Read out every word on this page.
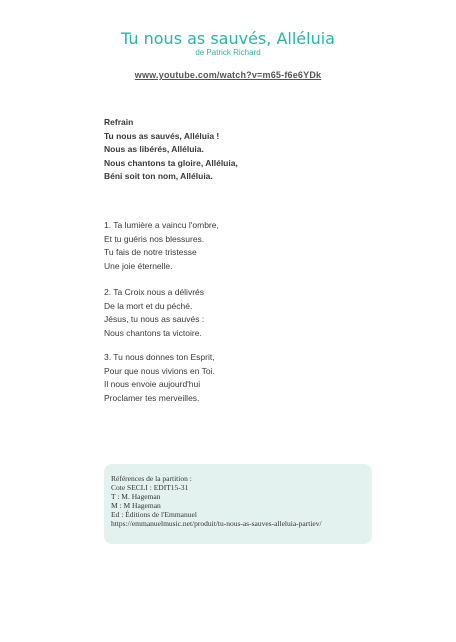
Tu nous as sauvés, Alléluia
de Patrick Richard
www.youtube.com/watch?v=m65-f6e6YDk
Refrain
Tu nous as sauvés, Alléluia !
Nous as libérés, Alléluia.
Nous chantons ta gloire, Alléluia,
Béni soit ton nom, Alléluia.
1. Ta lumière a vaincu l'ombre,
Et tu guéris nos blessures.
Tu fais de notre tristesse
Une joie éternelle.
2. Ta Croix nous a délivrés
De la mort et du péché.
Jésus, tu nous as sauvés :
Nous chantons ta victoire.
3. Tu nous donnes ton Esprit,
Pour que nous vivions en Toi.
Il nous envoie aujourd'hui
Proclamer tes merveilles.
Références de la partition :
Cote SECLI : EDIT15-31
T : M. Hageman
M : M Hageman
Ed : Éditions de l'Emmanuel
https://emmanuelmusic.net/produit/tu-nous-as-sauves-alleluia-partiev/
